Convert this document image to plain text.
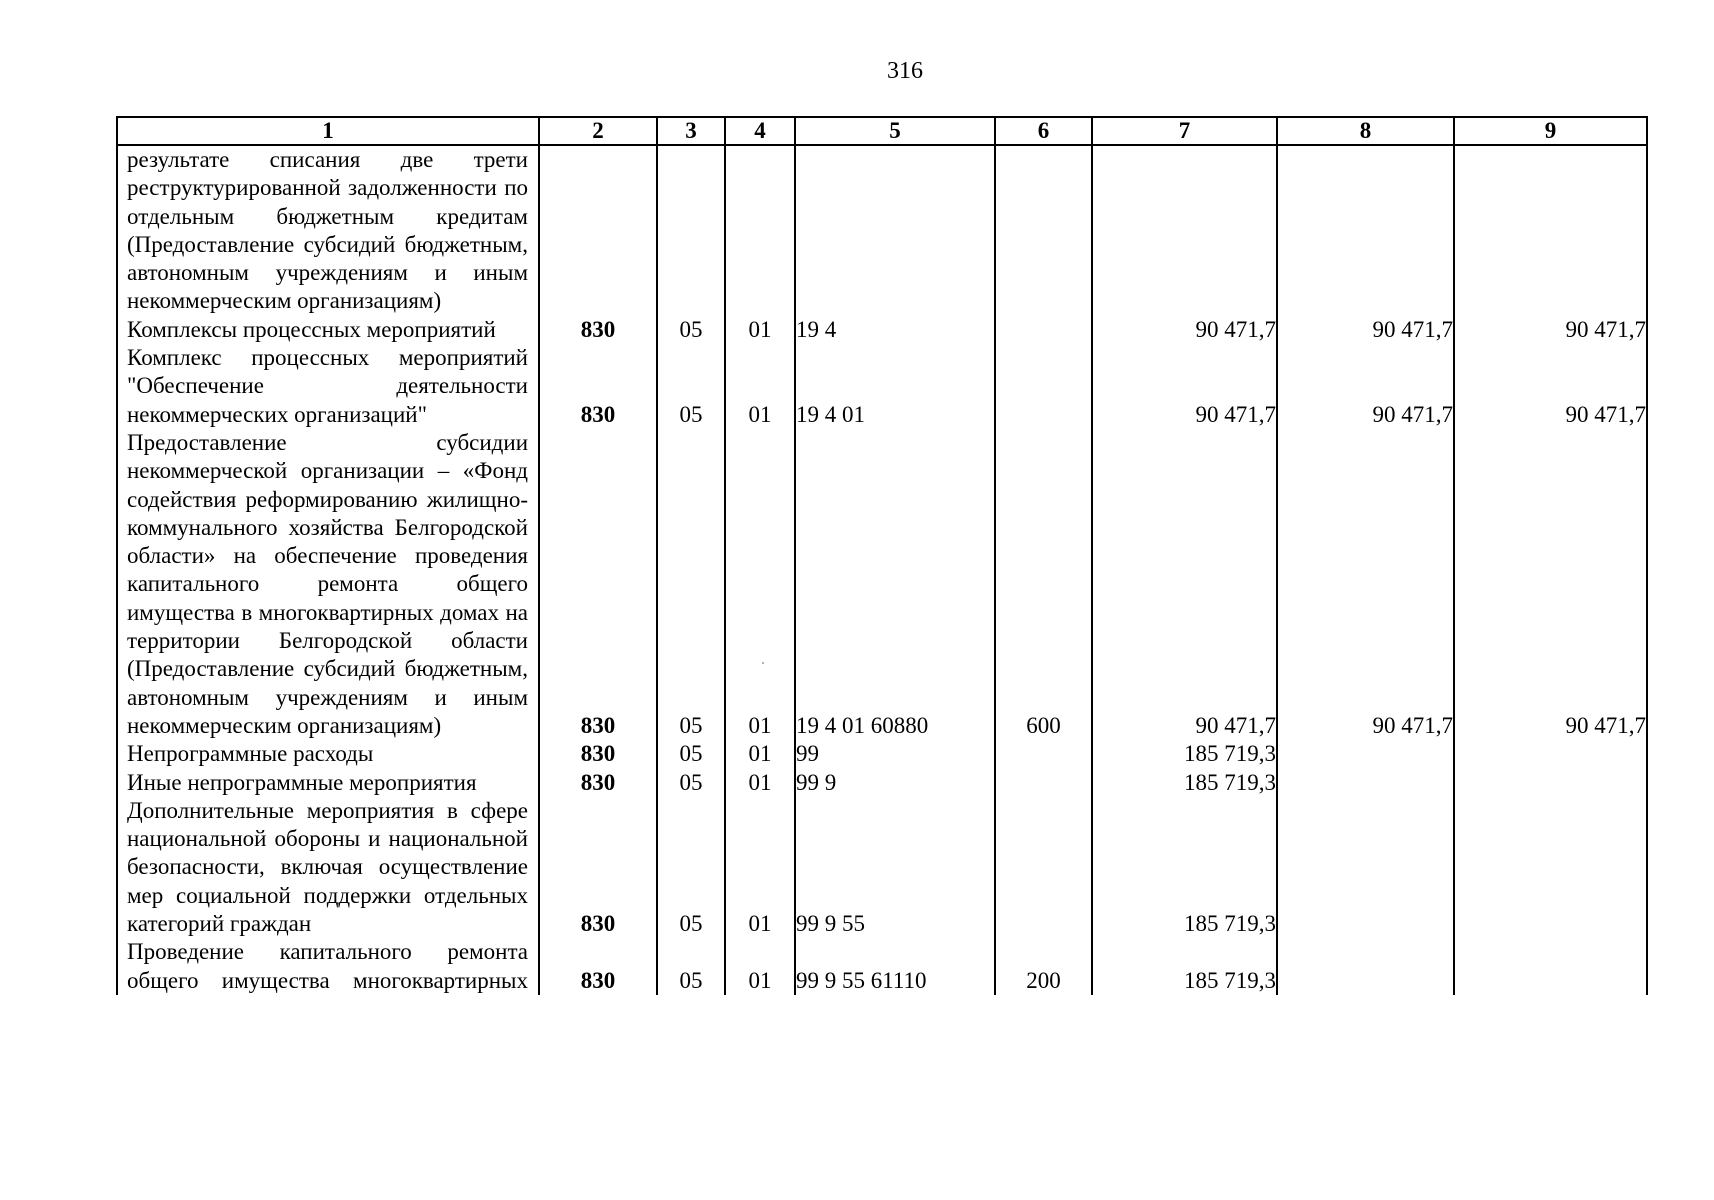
316
1	2	3	4	5	6	7	8	9
результате списания две трети реструктурированной задолженности по отдельным бюджетным кредитам (Предоставление субсидий бюджетным, автономным учреждениям и иным некоммерческим организациям)								
Комплексы процессных мероприятий	830	05	01	19 4		90 471,7	90 471,7	90 471,7
Комплекс процессных мероприятий "Обеспечение деятельности некоммерческих организаций"	830	05	01	19 4 01		90 471,7	90 471,7	90 471,7
Предоставление субсидии некоммерческой организации – «Фонд содействия реформированию жилищно-коммунального хозяйства Белгородской области» на обеспечение проведения капитального ремонта общего имущества в многоквартирных домах на территории Белгородской области (Предоставление субсидий бюджетным, автономным учреждениям и иным некоммерческим организациям)	830	05	01	19 4 01 60880	600	90 471,7	90 471,7	90 471,7
Непрограммные расходы	830	05	01	99		185 719,3		
Иные непрограммные мероприятия	830	05	01	99 9		185 719,3		
Дополнительные мероприятия в сфере национальной обороны и национальной безопасности, включая осуществление мер социальной поддержки отдельных категорий граждан	830	05	01	99 9 55		185 719,3		
Проведение капитального ремонта общего имущества многоквартирных	830	05	01	99 9 55 61110	200	185 719,3		
